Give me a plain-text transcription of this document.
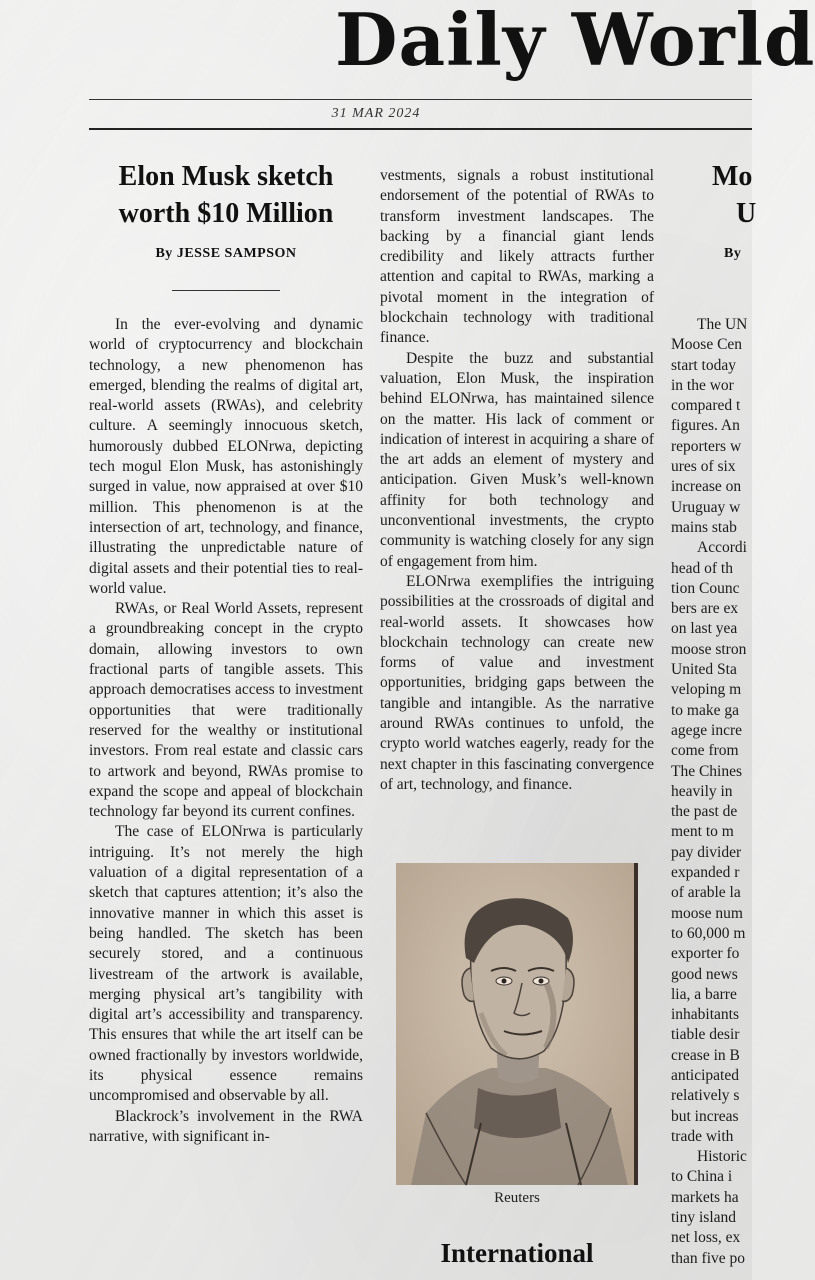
Daily World
31 MAR 2024
Elon Musk sketch worth $10 Million
By JESSE SAMPSON

In the ever-evolving and dynamic world of cryptocurrency and blockchain technology, a new phenomenon has emerged, blending the realms of digital art, real-world assets (RWAs), and celebrity culture. A seemingly innocuous sketch, humorously dubbed ELONrwa, depicting tech mogul Elon Musk, has astonishingly surged in value, now appraised at over $10 million. This phenomenon is at the intersection of art, technology, and finance, illustrating the unpredictable nature of digital assets and their potential ties to real-world value.

RWAs, or Real World Assets, represent a groundbreaking concept in the crypto domain, allowing investors to own fractional parts of tangible assets. This approach democratises access to investment opportunities that were traditionally reserved for the wealthy or institutional investors. From real estate and classic cars to artwork and beyond, RWAs promise to expand the scope and appeal of blockchain technology far beyond its current confines.

The case of ELONrwa is particularly intriguing. It’s not merely the high valuation of a digital representation of a sketch that captures attention; it’s also the innovative manner in which this asset is being handled. The sketch has been securely stored, and a continuous livestream of the artwork is available, merging physical art’s tangibility with digital art’s accessibility and transparency. This ensures that while the art itself can be owned fractionally by investors worldwide, its physical essence remains uncompromised and observable by all.

Blackrock’s involvement in the RWA narrative, with significant in-

vestments, signals a robust institutional endorsement of the potential of RWAs to transform investment landscapes. The backing by a financial giant lends credibility and likely attracts further attention and capital to RWAs, marking a pivotal moment in the integration of blockchain technology with traditional finance.

Despite the buzz and substantial valuation, Elon Musk, the inspiration behind ELONrwa, has maintained silence on the matter. His lack of comment or indication of interest in acquiring a share of the art adds an element of mystery and anticipation. Given Musk’s well-known affinity for both technology and unconventional investments, the crypto community is watching closely for any sign of engagement from him.

ELONrwa exemplifies the intriguing possibilities at the crossroads of digital and real-world assets. It showcases how blockchain technology can create new forms of value and investment opportunities, bridging gaps between the tangible and intangible. As the narrative around RWAs continues to unfold, the crypto world watches eagerly, ready for the next chapter in this fascinating convergence of art, technology, and finance.

Reuters
International
Mo
U
By
The UN
Moose Cen
start today
in the wor
compared t
figures. An
reporters w
ures of six
increase on
Uruguay w
mains stab
Accordi
head of th
tion Counc
bers are ex
on last yea
moose stron
United Sta
veloping m
to make ga
agege incre
come from
The Chines
heavily in
the past de
ment to m
pay divider
expanded r
of arable la
moose num
to 60,000 m
exporter fo
good news
lia, a barre
inhabitants
tiable desir
crease in B
anticipated
relatively s
but increas
trade with
Historic
to China i
markets ha
tiny island
net loss, ex
than five po
